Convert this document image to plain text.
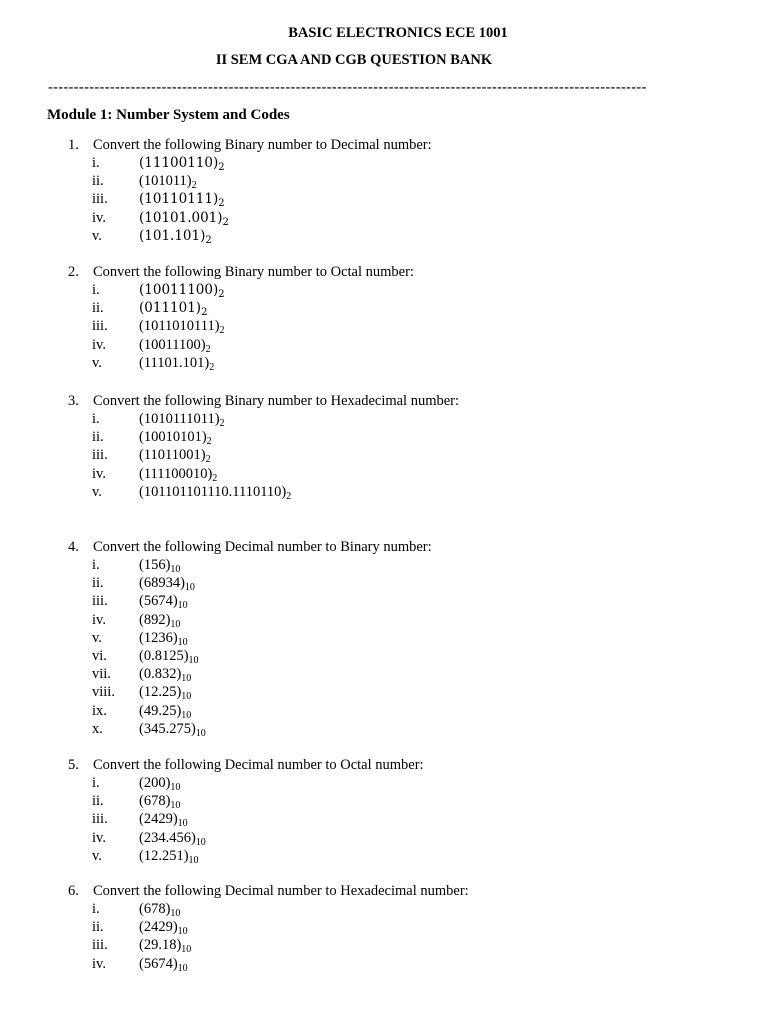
BASIC ELECTRONICS ECE 1001
II SEM CGA AND CGB QUESTION BANK
--------------------------------------------------------------------------------------------------------------------
Module 1: Number System and Codes
1. Convert the following Binary number to Decimal number:
i.	$(11100110)_2$
ii. $(101011)_2$
iii. $(10110111)_2$
iv. $(10101.001)_2$
v.	$(101.101)_2$
2. Convert the following Binary number to Octal number:
i.	$(10011100)_2$
ii.	$(011101)_2$
iii. $(1011010111)_2$
iv. $(10011100)_2$
v.	$(11101.101)_2$
3. Convert the following Binary number to Hexadecimal number:
i.	$(1010111011)_2$
ii. $(10010101)_2$
iii. $(11011001)_2$
iv. $(111100010)_2$
v.	$(101101101110.1110110)_2$
4. Convert the following Decimal number to Binary number:
i.	$(156)_{10}$
ii. $(68934)_{10}$
iii. $(5674)_{10}$
iv. $(892)_{10}$
v.	$(1236)_{10}$
vi. $(0.8125)_{10}$
vii. $(0.832)_{10}$
viii. $(12.25)_{10}$
ix. $(49.25)_{10}$
x. $(345.275)_{10}$
5. Convert the following Decimal number to Octal number:
i.	$(200)_{10}$
ii. $(678)_{10}$
iii. $(2429)_{10}$
iv. $(234.456)_{10}$
v.	$(12.251)_{10}$
6. Convert the following Decimal number to Hexadecimal number:
i.	$(678)_{10}$
ii. $(2429)_{10}$
iii. $(29.18)_{10}$
iv. $(5674)_{10}$
